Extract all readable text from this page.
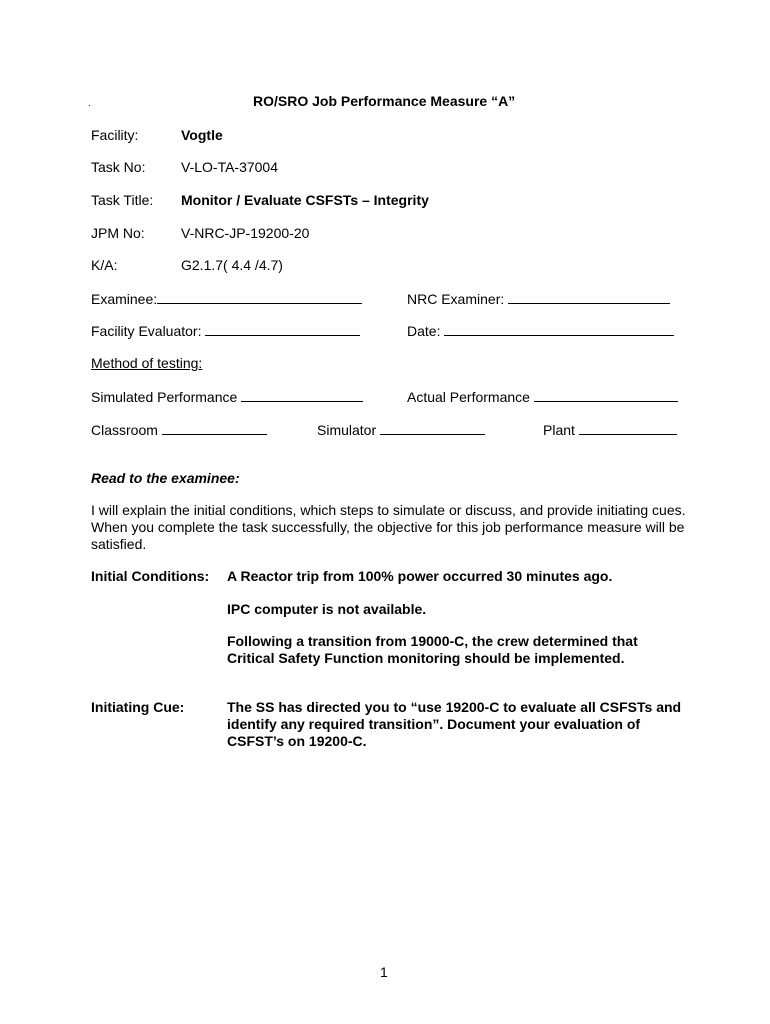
.	RO/SRO Job Performance Measure “A”
Facility:	Vogtle
Task No:	V-LO-TA-37004
Task Title: Monitor / Evaluate CSFSTs – Integrity
JPM No:	V-NRC-JP-19200-20
K/A:	G2.1.7( 4.4 /4.7)
Examinee:	NRC Examiner:
Facility Evaluator:	Date:
Method of testing:
Simulated Performance	Actual Performance
Classroom	Simulator	Plant
Read to the examinee:
I will explain the initial conditions, which steps to simulate or discuss, and provide initiating cues. When you complete the task successfully, the objective for this job performance measure will be satisfied.
Initial Conditions: A Reactor trip from 100% power occurred 30 minutes ago.
IPC computer is not available.
Following a transition from 19000-C, the crew determined that Critical Safety Function monitoring should be implemented.
Initiating Cue:	The SS has directed you to “use 19200-C to evaluate all CSFSTs and identify any required transition”. Document your evaluation of CSFST’s on 19200-C.
1
